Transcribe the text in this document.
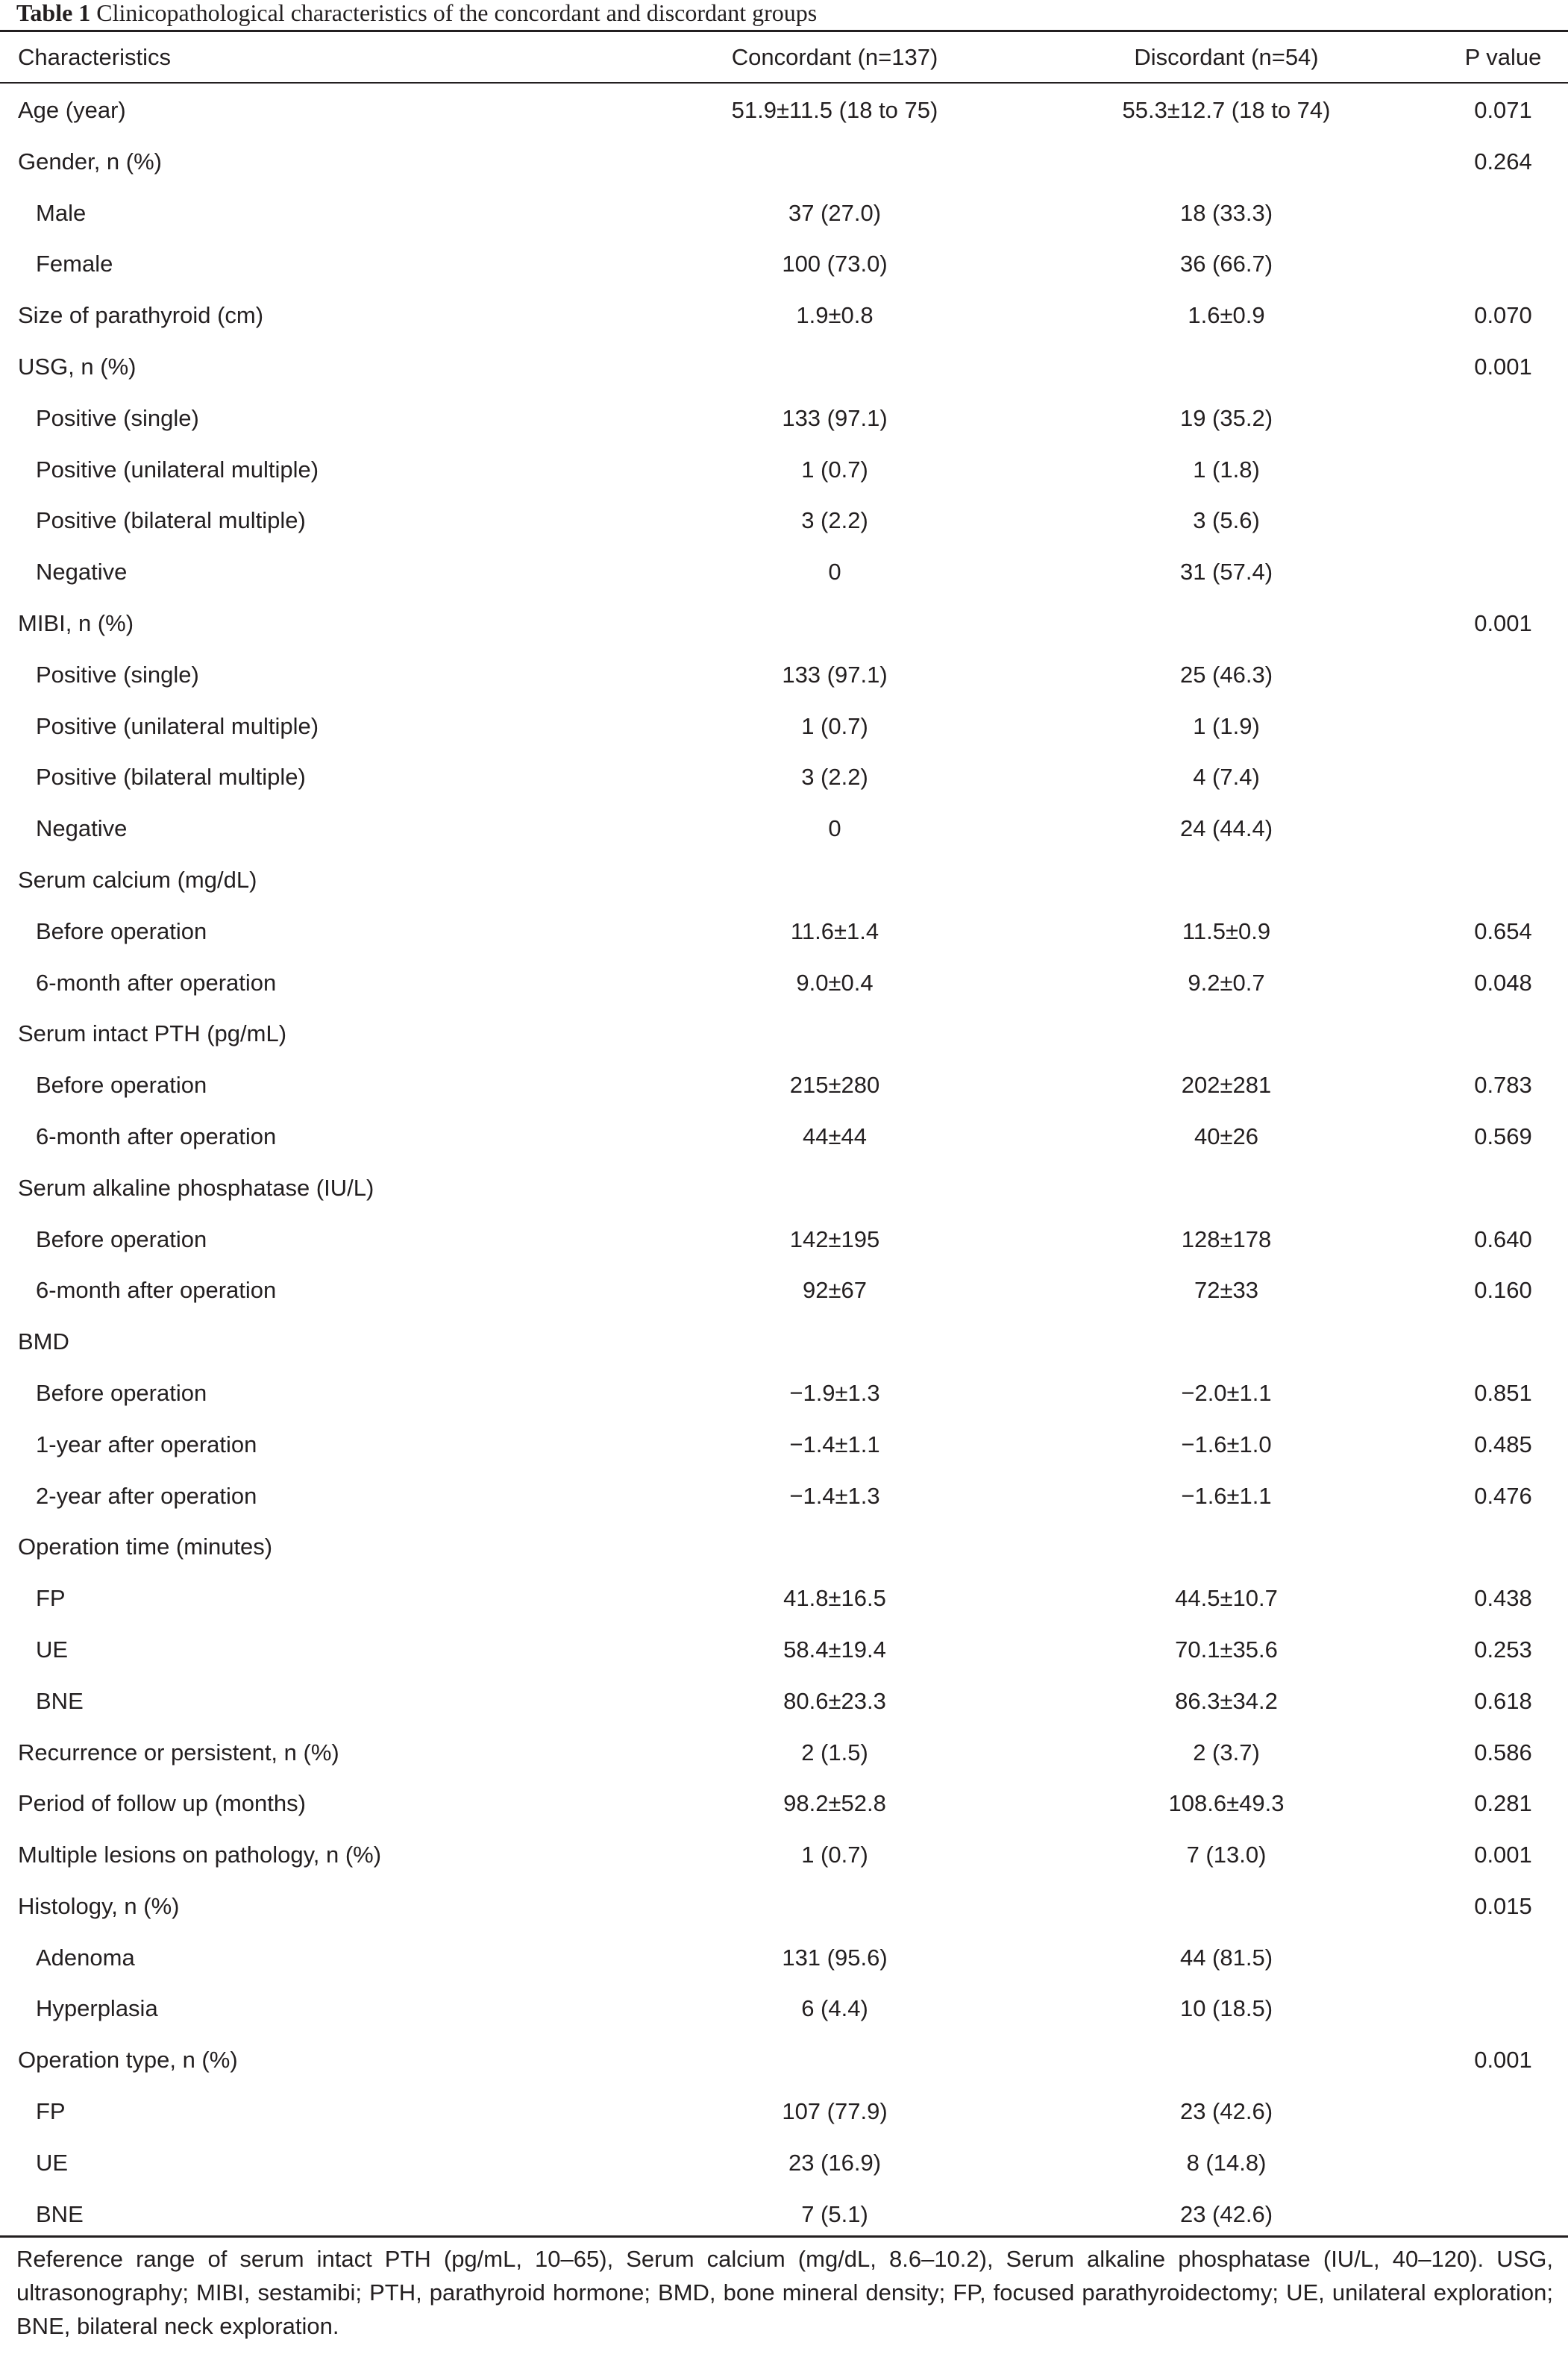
Table 1 Clinicopathological characteristics of the concordant and discordant groups
Characteristics	Concordant (n=137)	Discordant (n=54)	P value
Age (year)	51.9±11.5 (18 to 75)	55.3±12.7 (18 to 74)	0.071
Gender, n (%)			0.264
Male	37 (27.0)	18 (33.3)	
Female	100 (73.0)	36 (66.7)	
Size of parathyroid (cm)	1.9±0.8	1.6±0.9	0.070
USG, n (%)			0.001
Positive (single)	133 (97.1)	19 (35.2)	
Positive (unilateral multiple)	1 (0.7)	1 (1.8)	
Positive (bilateral multiple)	3 (2.2)	3 (5.6)	
Negative	0	31 (57.4)	
MIBI, n (%)			0.001
Positive (single)	133 (97.1)	25 (46.3)	
Positive (unilateral multiple)	1 (0.7)	1 (1.9)	
Positive (bilateral multiple)	3 (2.2)	4 (7.4)	
Negative	0	24 (44.4)	
Serum calcium (mg/dL)			
Before operation	11.6±1.4	11.5±0.9	0.654
6-month after operation	9.0±0.4	9.2±0.7	0.048
Serum intact PTH (pg/mL)			
Before operation	215±280	202±281	0.783
6-month after operation	44±44	40±26	0.569
Serum alkaline phosphatase (IU/L)			
Before operation	142±195	128±178	0.640
6-month after operation	92±67	72±33	0.160
BMD			
Before operation	−1.9±1.3	−2.0±1.1	0.851
1-year after operation	−1.4±1.1	−1.6±1.0	0.485
2-year after operation	−1.4±1.3	−1.6±1.1	0.476
Operation time (minutes)			
FP	41.8±16.5	44.5±10.7	0.438
UE	58.4±19.4	70.1±35.6	0.253
BNE	80.6±23.3	86.3±34.2	0.618
Recurrence or persistent, n (%)	2 (1.5)	2 (3.7)	0.586
Period of follow up (months)	98.2±52.8	108.6±49.3	0.281
Multiple lesions on pathology, n (%)	1 (0.7)	7 (13.0)	0.001
Histology, n (%)			0.015
Adenoma	131 (95.6)	44 (81.5)	
Hyperplasia	6 (4.4)	10 (18.5)	
Operation type, n (%)			0.001
FP	107 (77.9)	23 (42.6)	
UE	23 (16.9)	8 (14.8)	
BNE	7 (5.1)	23 (42.6)	
Reference range of serum intact PTH (pg/mL, 10–65), Serum calcium (mg/dL, 8.6–10.2), Serum alkaline phosphatase (IU/L, 40–120). USG, ultrasonography; MIBI, sestamibi; PTH, parathyroid hormone; BMD, bone mineral density; FP, focused parathyroidectomy; UE, unilateral exploration; BNE, bilateral neck exploration.
